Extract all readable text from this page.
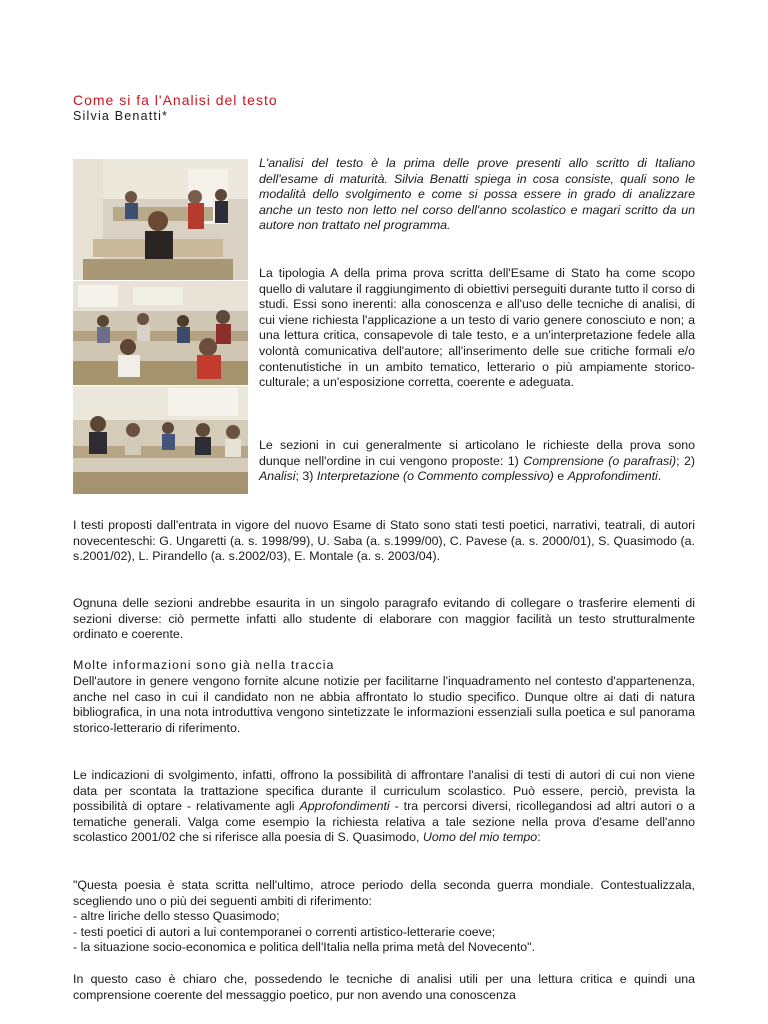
Come si fa l'Analisi del testo
Silvia Benatti*

L'analisi del testo è la prima delle prove presenti allo scritto di Italiano dell'esame di maturità. Silvia Benatti spiega in cosa consiste, quali sono le modalità dello svolgimento e come si possa essere in grado di analizzare anche un testo non letto nel corso dell'anno scolastico e magari scritto da un autore non trattato nel programma.

La tipologia A della prima prova scritta dell'Esame di Stato ha come scopo quello di valutare il raggiungimento di obiettivi perseguiti durante tutto il corso di studi. Essi sono inerenti: alla conoscenza e all'uso delle tecniche di analisi, di cui viene richiesta l'applicazione a un testo di vario genere conosciuto e non; a una lettura critica, consapevole di tale testo, e a un'interpretazione fedele alla volontà comunicativa dell'autore; all'inserimento delle sue critiche formali e/o contenutistiche in un ambito tematico, letterario o più ampiamente storico-culturale; a un'esposizione corretta, coerente e adeguata.

Le sezioni in cui generalmente si articolano le richieste della prova sono dunque nell'ordine in cui vengono proposte: 1) Comprensione (o parafrasi); 2) Analisi; 3) Interpretazione (o Commento complessivo) e Approfondimenti.

I testi proposti dall'entrata in vigore del nuovo Esame di Stato sono stati testi poetici, narrativi, teatrali, di autori novecenteschi: G. Ungaretti (a. s. 1998/99), U. Saba (a. s.1999/00), C. Pavese (a. s. 2000/01), S. Quasimodo (a. s.2001/02), L. Pirandello (a. s.2002/03), E. Montale (a. s. 2003/04).

Ognuna delle sezioni andrebbe esaurita in un singolo paragrafo evitando di collegare o trasferire elementi di sezioni diverse: ciò permette infatti allo studente di elaborare con maggior facilità un testo strutturalmente ordinato e coerente.

Molte informazioni sono già nella traccia

Dell'autore in genere vengono fornite alcune notizie per facilitarne l'inquadramento nel contesto d'appartenenza, anche nel caso in cui il candidato non ne abbia affrontato lo studio specifico. Dunque oltre ai dati di natura bibliografica, in una nota introduttiva vengono sintetizzate le informazioni essenziali sulla poetica e sul panorama storico-letterario di riferimento.

Le indicazioni di svolgimento, infatti, offrono la possibilità di affrontare l'analisi di testi di autori di cui non viene data per scontata la trattazione specifica durante il curriculum scolastico. Può essere, perciò, prevista la possibilità di optare - relativamente agli Approfondimenti - tra percorsi diversi, ricollegandosi ad altri autori o a tematiche generali. Valga come esempio la richiesta relativa a tale sezione nella prova d'esame dell'anno scolastico 2001/02 che si riferisce alla poesia di S. Quasimodo, Uomo del mio tempo:

"Questa poesia è stata scritta nell'ultimo, atroce periodo della seconda guerra mondiale. Contestualizzala, scegliendo uno o più dei seguenti ambiti di riferimento:
- altre liriche dello stesso Quasimodo;
- testi poetici di autori a lui contemporanei o correnti artistico-letterarie coeve;
- la situazione socio-economica e politica dell'Italia nella prima metà del Novecento".

In questo caso è chiaro che, possedendo le tecniche di analisi utili per una lettura critica e quindi una comprensione coerente del messaggio poetico, pur non avendo una conoscenza
